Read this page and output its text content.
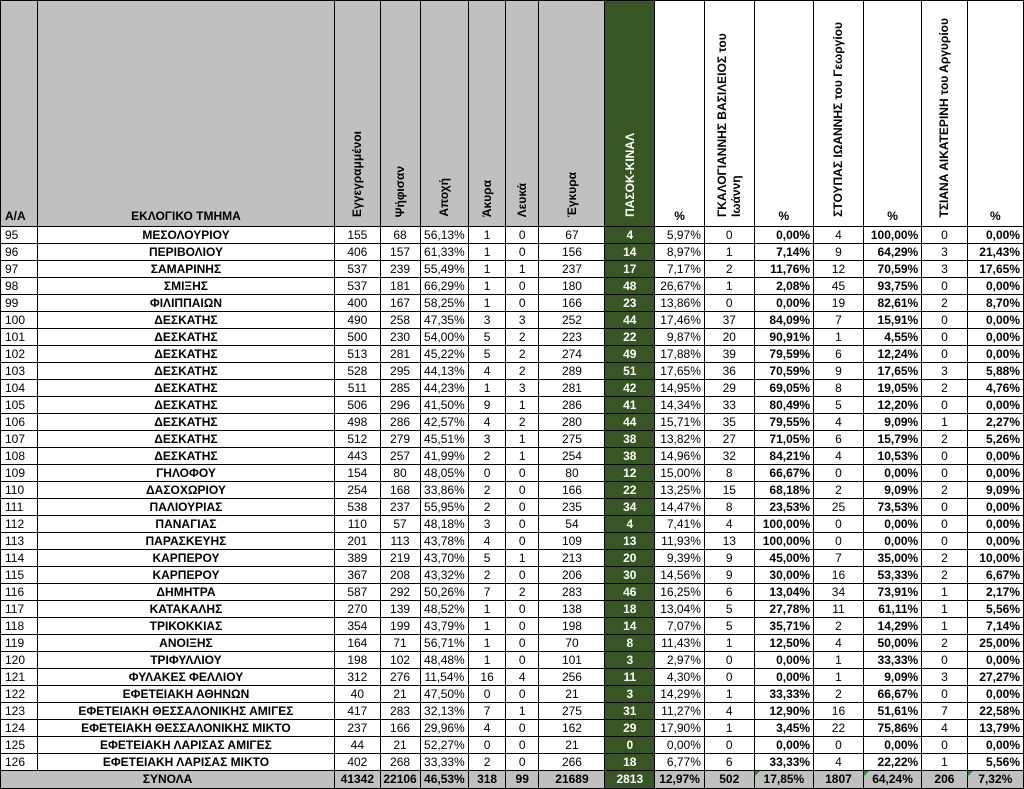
Α/Α	ΕΚΛΟΓΙΚΟ ΤΜΗΜΑ	Εγγεγραμμένοι	Ψήφισαν	Αποχή	Άκυρα	Λευκά	Έγκυρα	ΠΑΣΟΚ-ΚΙΝΑΛ	%	ΓΚΑΛΟΓΙΑΝΝΗΣ ΒΑΣΙΛΕΙΟΣ του Ιωάννη	%	ΣΤΟΥΠΑΣ ΙΩΑΝΝΗΣ του Γεωργίου	%	ΤΣΙΑΝΑ ΑΙΚΑΤΕΡΙΝΗ του Αργυρίου	%
95	ΜΕΣΟΛΟΥΡΙΟΥ	155	68	56,13%	1	0	67	4	5,97%	0	0,00%	4	100,00%	0	0,00%
96	ΠΕΡΙΒΟΛΙΟΥ	406	157	61,33%	1	0	156	14	8,97%	1	7,14%	9	64,29%	3	21,43%
97	ΣΑΜΑΡΙΝΗΣ	537	239	55,49%	1	1	237	17	7,17%	2	11,76%	12	70,59%	3	17,65%
98	ΣΜΙΞΗΣ	537	181	66,29%	1	0	180	48	26,67%	1	2,08%	45	93,75%	0	0,00%
99	ΦΙΛΙΠΠΑΙΩΝ	400	167	58,25%	1	0	166	23	13,86%	0	0,00%	19	82,61%	2	8,70%
100	ΔΕΣΚΑΤΗΣ	490	258	47,35%	3	3	252	44	17,46%	37	84,09%	7	15,91%	0	0,00%
101	ΔΕΣΚΑΤΗΣ	500	230	54,00%	5	2	223	22	9,87%	20	90,91%	1	4,55%	0	0,00%
102	ΔΕΣΚΑΤΗΣ	513	281	45,22%	5	2	274	49	17,88%	39	79,59%	6	12,24%	0	0,00%
103	ΔΕΣΚΑΤΗΣ	528	295	44,13%	4	2	289	51	17,65%	36	70,59%	9	17,65%	3	5,88%
104	ΔΕΣΚΑΤΗΣ	511	285	44,23%	1	3	281	42	14,95%	29	69,05%	8	19,05%	2	4,76%
105	ΔΕΣΚΑΤΗΣ	506	296	41,50%	9	1	286	41	14,34%	33	80,49%	5	12,20%	0	0,00%
106	ΔΕΣΚΑΤΗΣ	498	286	42,57%	4	2	280	44	15,71%	35	79,55%	4	9,09%	1	2,27%
107	ΔΕΣΚΑΤΗΣ	512	279	45,51%	3	1	275	38	13,82%	27	71,05%	6	15,79%	2	5,26%
108	ΔΕΣΚΑΤΗΣ	443	257	41,99%	2	1	254	38	14,96%	32	84,21%	4	10,53%	0	0,00%
109	ΓΗΛΟΦΟΥ	154	80	48,05%	0	0	80	12	15,00%	8	66,67%	0	0,00%	0	0,00%
110	ΔΑΣΟΧΩΡΙΟΥ	254	168	33,86%	2	0	166	22	13,25%	15	68,18%	2	9,09%	2	9,09%
111	ΠΑΛΙΟΥΡΙΑΣ	538	237	55,95%	2	0	235	34	14,47%	8	23,53%	25	73,53%	0	0,00%
112	ΠΑΝΑΓΙΑΣ	110	57	48,18%	3	0	54	4	7,41%	4	100,00%	0	0,00%	0	0,00%
113	ΠΑΡΑΣΚΕΥΗΣ	201	113	43,78%	4	0	109	13	11,93%	13	100,00%	0	0,00%	0	0,00%
114	ΚΑΡΠΕΡΟΥ	389	219	43,70%	5	1	213	20	9,39%	9	45,00%	7	35,00%	2	10,00%
115	ΚΑΡΠΕΡΟΥ	367	208	43,32%	2	0	206	30	14,56%	9	30,00%	16	53,33%	2	6,67%
116	ΔΗΜΗΤΡΑ	587	292	50,26%	7	2	283	46	16,25%	6	13,04%	34	73,91%	1	2,17%
117	ΚΑΤΑΚΑΛΗΣ	270	139	48,52%	1	0	138	18	13,04%	5	27,78%	11	61,11%	1	5,56%
118	ΤΡΙΚΟΚΚΙΑΣ	354	199	43,79%	1	0	198	14	7,07%	5	35,71%	2	14,29%	1	7,14%
119	ΑΝΟΙΞΗΣ	164	71	56,71%	1	0	70	8	11,43%	1	12,50%	4	50,00%	2	25,00%
120	ΤΡΙΦΥΛΛΙΟΥ	198	102	48,48%	1	0	101	3	2,97%	0	0,00%	1	33,33%	0	0,00%
121	ΦΥΛΑΚΕΣ ΦΕΛΛΙΟΥ	312	276	11,54%	16	4	256	11	4,30%	0	0,00%	1	9,09%	3	27,27%
122	ΕΦΕΤΕΙΑΚΗ ΑΘΗΝΩΝ	40	21	47,50%	0	0	21	3	14,29%	1	33,33%	2	66,67%	0	0,00%
123	ΕΦΕΤΕΙΑΚΗ ΘΕΣΣΑΛΟΝΙΚΗΣ ΑΜΙΓΕΣ	417	283	32,13%	7	1	275	31	11,27%	4	12,90%	16	51,61%	7	22,58%
124	ΕΦΕΤΕΙΑΚΗ ΘΕΣΣΑΛΟΝΙΚΗΣ ΜΙΚΤΟ	237	166	29,96%	4	0	162	29	17,90%	1	3,45%	22	75,86%	4	13,79%
125	ΕΦΕΤΕΙΑΚΗ ΛΑΡΙΣΑΣ ΑΜΙΓΕΣ	44	21	52,27%	0	0	21	0	0,00%	0	0,00%	0	0,00%	0	0,00%
126	ΕΦΕΤΕΙΑΚΗ ΛΑΡΙΣΑΣ ΜΙΚΤΟ	402	268	33,33%	2	0	266	18	6,77%	6	33,33%	4	22,22%	1	5,56%
ΣΥΝΟΛΑ		41342	22106	46,53%	318	99	21689	2813	12,97%	502	17,85%	1807	64,24%	206	7,32%
